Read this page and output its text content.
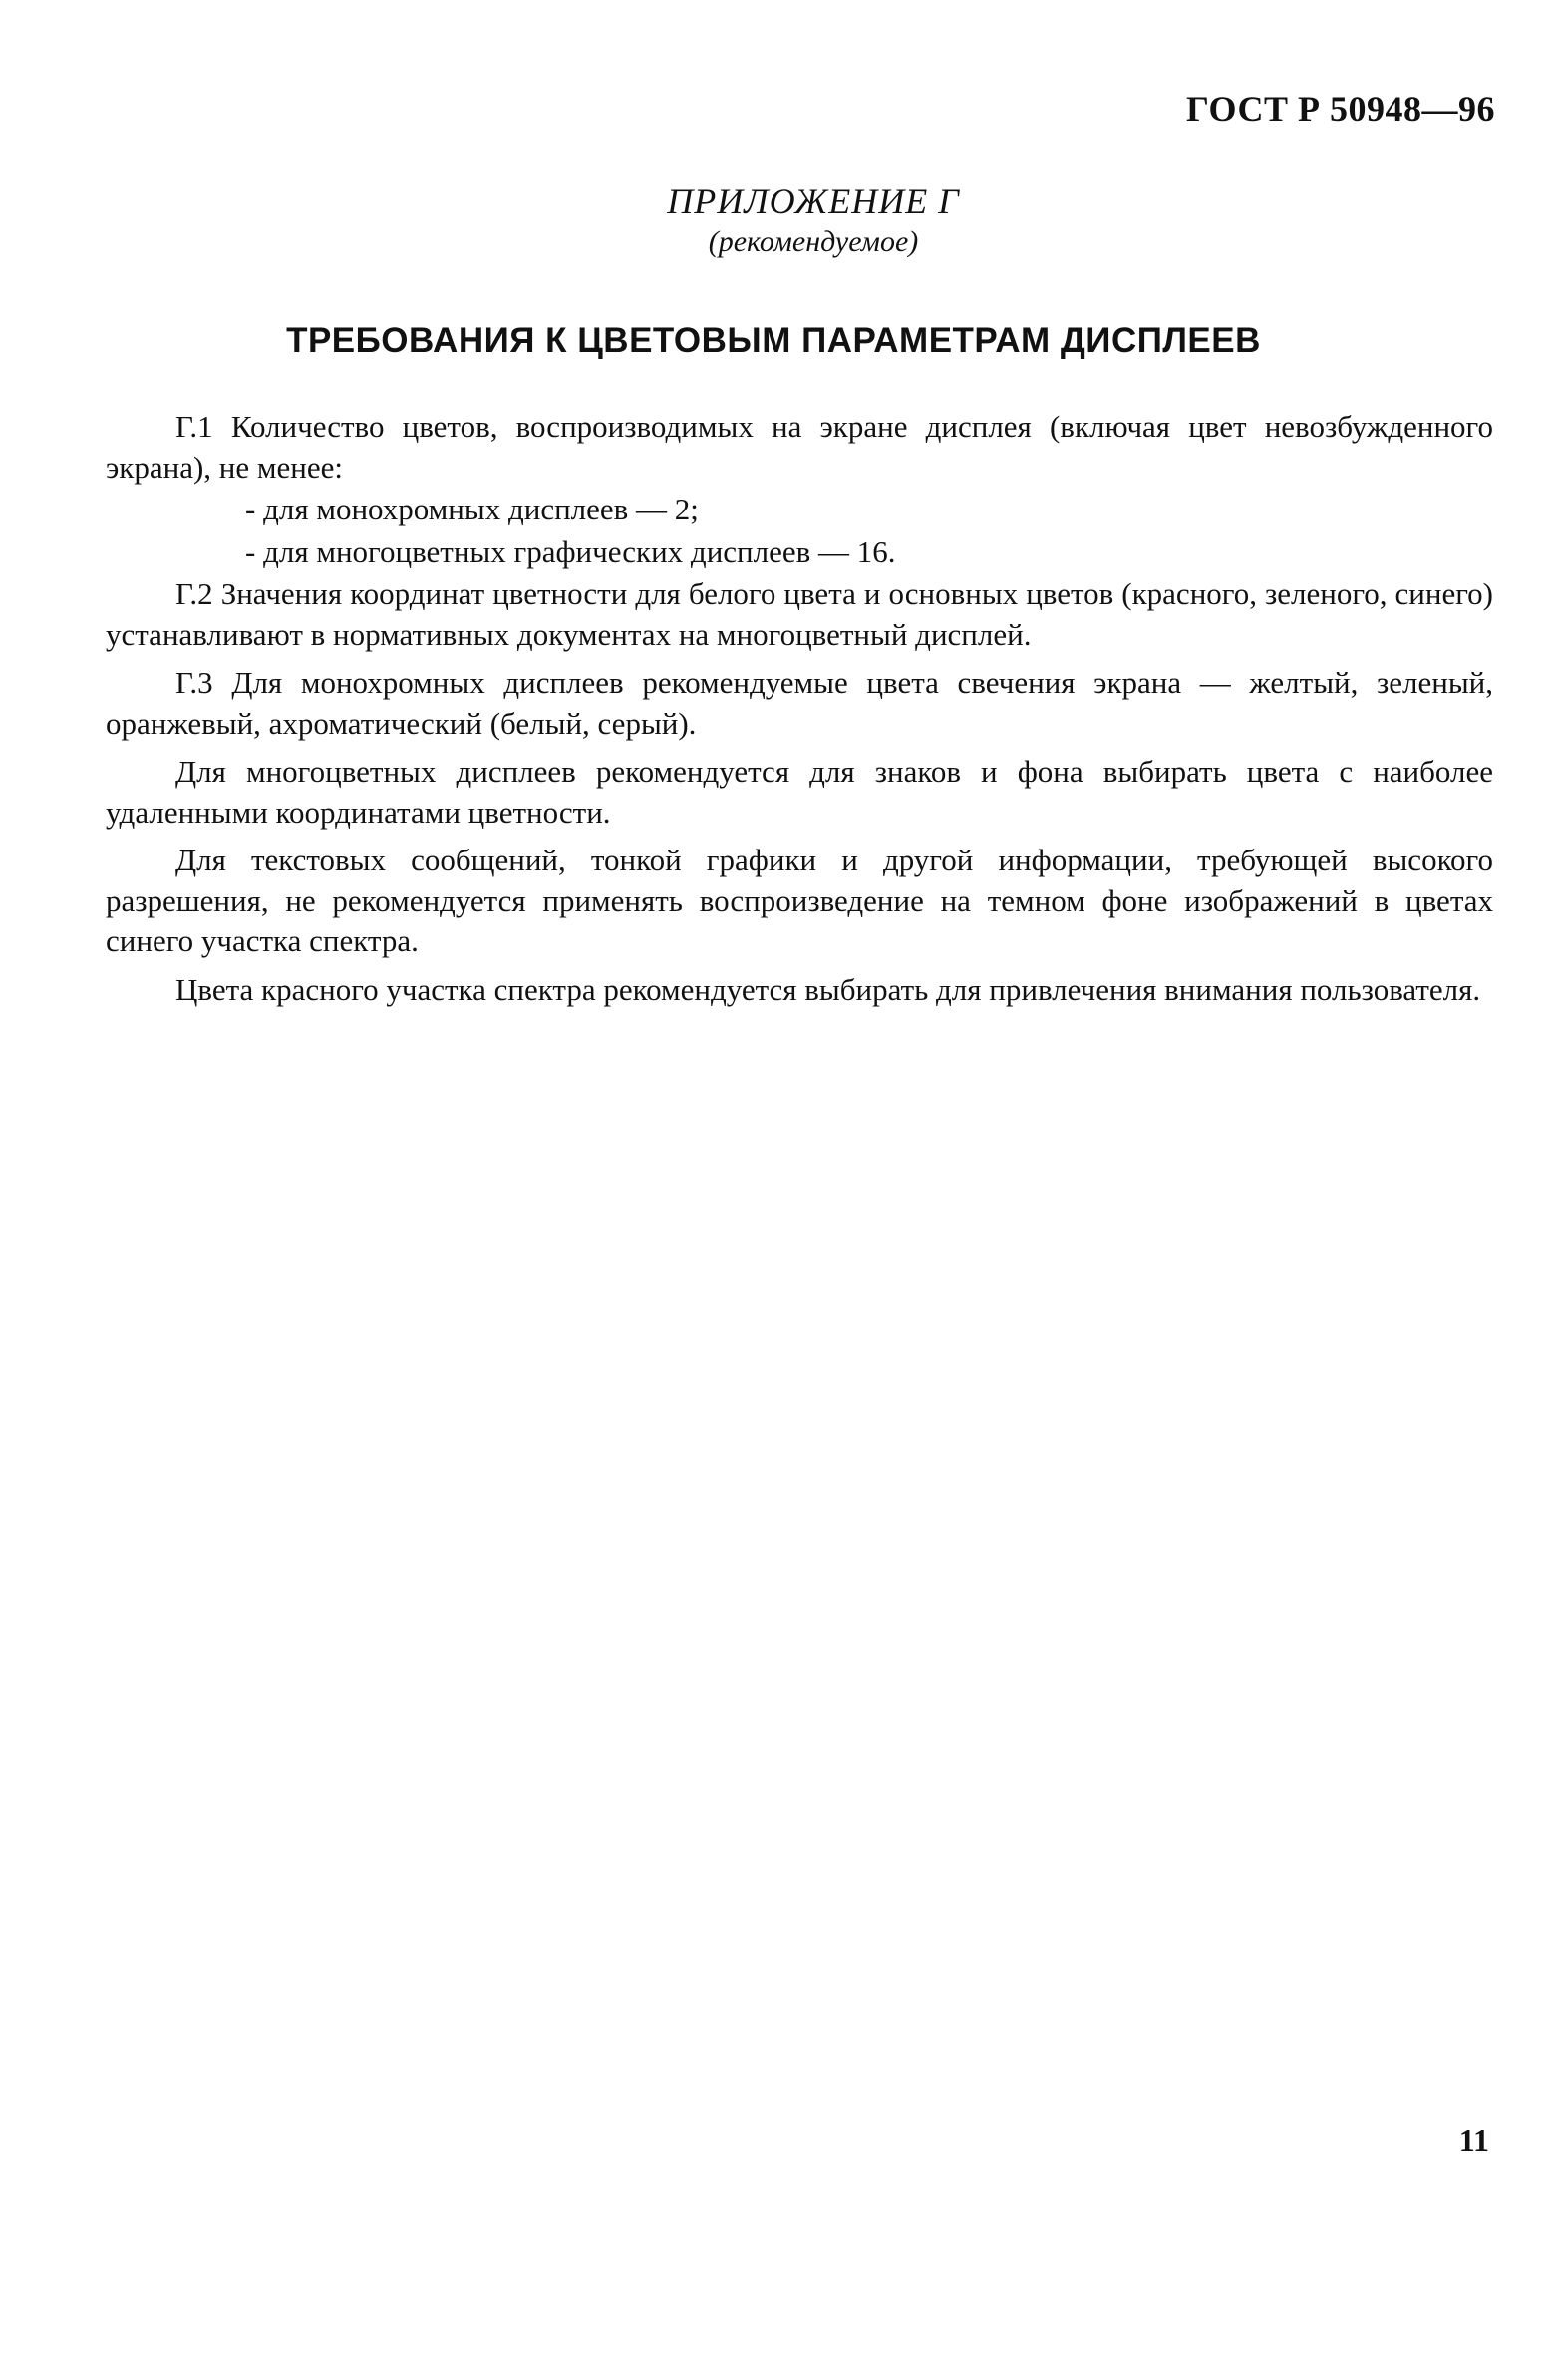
ГОСТ Р 50948—96
ПРИЛОЖЕНИЕ Г
(рекомендуемое)
ТРЕБОВАНИЯ К ЦВЕТОВЫМ ПАРАМЕТРАМ ДИСПЛЕЕВ

Г.1 Количество цветов, воспроизводимых на экране дисплея (включая цвет невозбужденного экрана), не менее:

- для монохромных дисплеев — 2;

- для многоцветных графических дисплеев — 16.

Г.2 Значения координат цветности для белого цвета и основных цветов (красного, зеленого, синего) устанавливают в нормативных документах на многоцветный дисплей.

Г.3 Для монохромных дисплеев рекомендуемые цвета свечения экрана — желтый, зеленый, оранжевый, ахроматический (белый, серый).

Для многоцветных дисплеев рекомендуется для знаков и фона выбирать цвета с наиболее удаленными координатами цветности.

Для текстовых сообщений, тонкой графики и другой информации, требующей высокого разрешения, не рекомендуется применять воспроизведение на темном фоне изображений в цветах синего участка спектра.

Цвета красного участка спектра рекомендуется выбирать для привлечения внимания пользователя.

11
